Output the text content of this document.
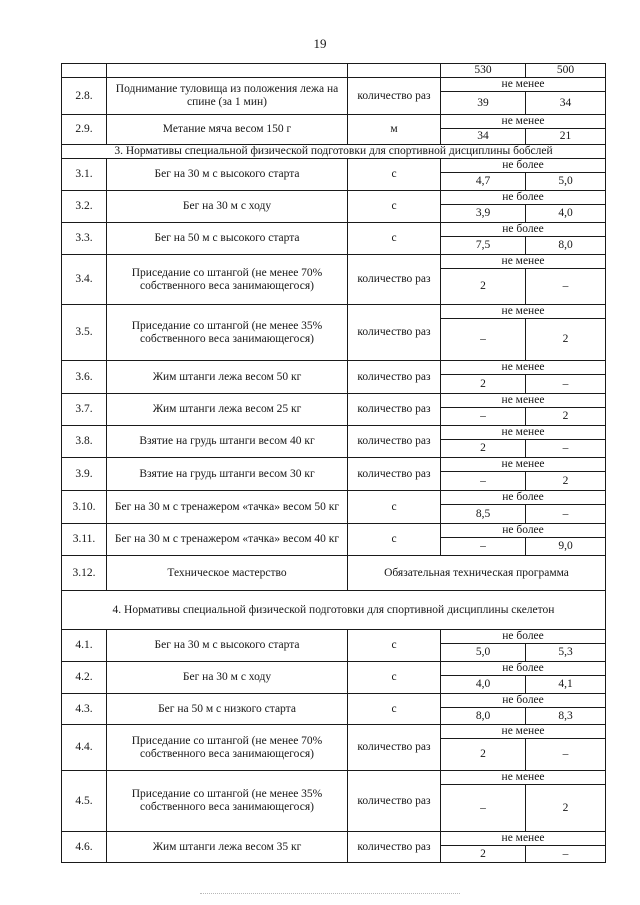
19
			530	500
2.8.	Поднимание туловища из положения лежа на спине (за 1 мин)	количество раз	не менее	
			39	34
2.9.	Метание мяча весом 150 г	м	не менее	
			34	21
3. Нормативы специальной физической подготовки для спортивной дисциплины бобслей				
3.1.	Бег на 30 м с высокого старта	с	не более	
			4,7	5,0
3.2.	Бег на 30 м с ходу	с	не более	
			3,9	4,0
3.3.	Бег на 50 м с высокого старта	с	не более	
			7,5	8,0
3.4.	Приседание со штангой (не менее 70% собственного веса занимающегося)	количество раз	не менее	
			2	–
3.5.	Приседание со штангой (не менее 35% собственного веса занимающегося)	количество раз	не менее	
			–	2
3.6.	Жим штанги лежа весом 50 кг	количество раз	не менее	
			2	–
3.7.	Жим штанги лежа весом 25 кг	количество раз	не менее	
			–	2
3.8.	Взятие на грудь штанги весом 40 кг	количество раз	не менее	
			2	–
3.9.	Взятие на грудь штанги весом 30 кг	количество раз	не менее	
			–	2
3.10.	Бег на 30 м с тренажером «тачка» весом 50 кг	с	не более	
			8,5	–
3.11.	Бег на 30 м с тренажером «тачка» весом 40 кг	с	не более	
			–	9,0
3.12.	Техническое мастерство	Обязательная техническая программа		
4. Нормативы специальной физической подготовки для спортивной дисциплины скелетон				
4.1.	Бег на 30 м с высокого старта	с	не более	
			5,0	5,3
4.2.	Бег на 30 м с ходу	с	не более	
			4,0	4,1
4.3.	Бег на 50 м с низкого старта	с	не более	
			8,0	8,3
4.4.	Приседание со штангой (не менее 70% собственного веса занимающегося)	количество раз	не менее	
			2	–
4.5.	Приседание со штангой (не менее 35% собственного веса занимающегося)	количество раз	не менее	
			–	2
4.6.	Жим штанги лежа весом 35 кг	количество раз	не менее	
			2	–
